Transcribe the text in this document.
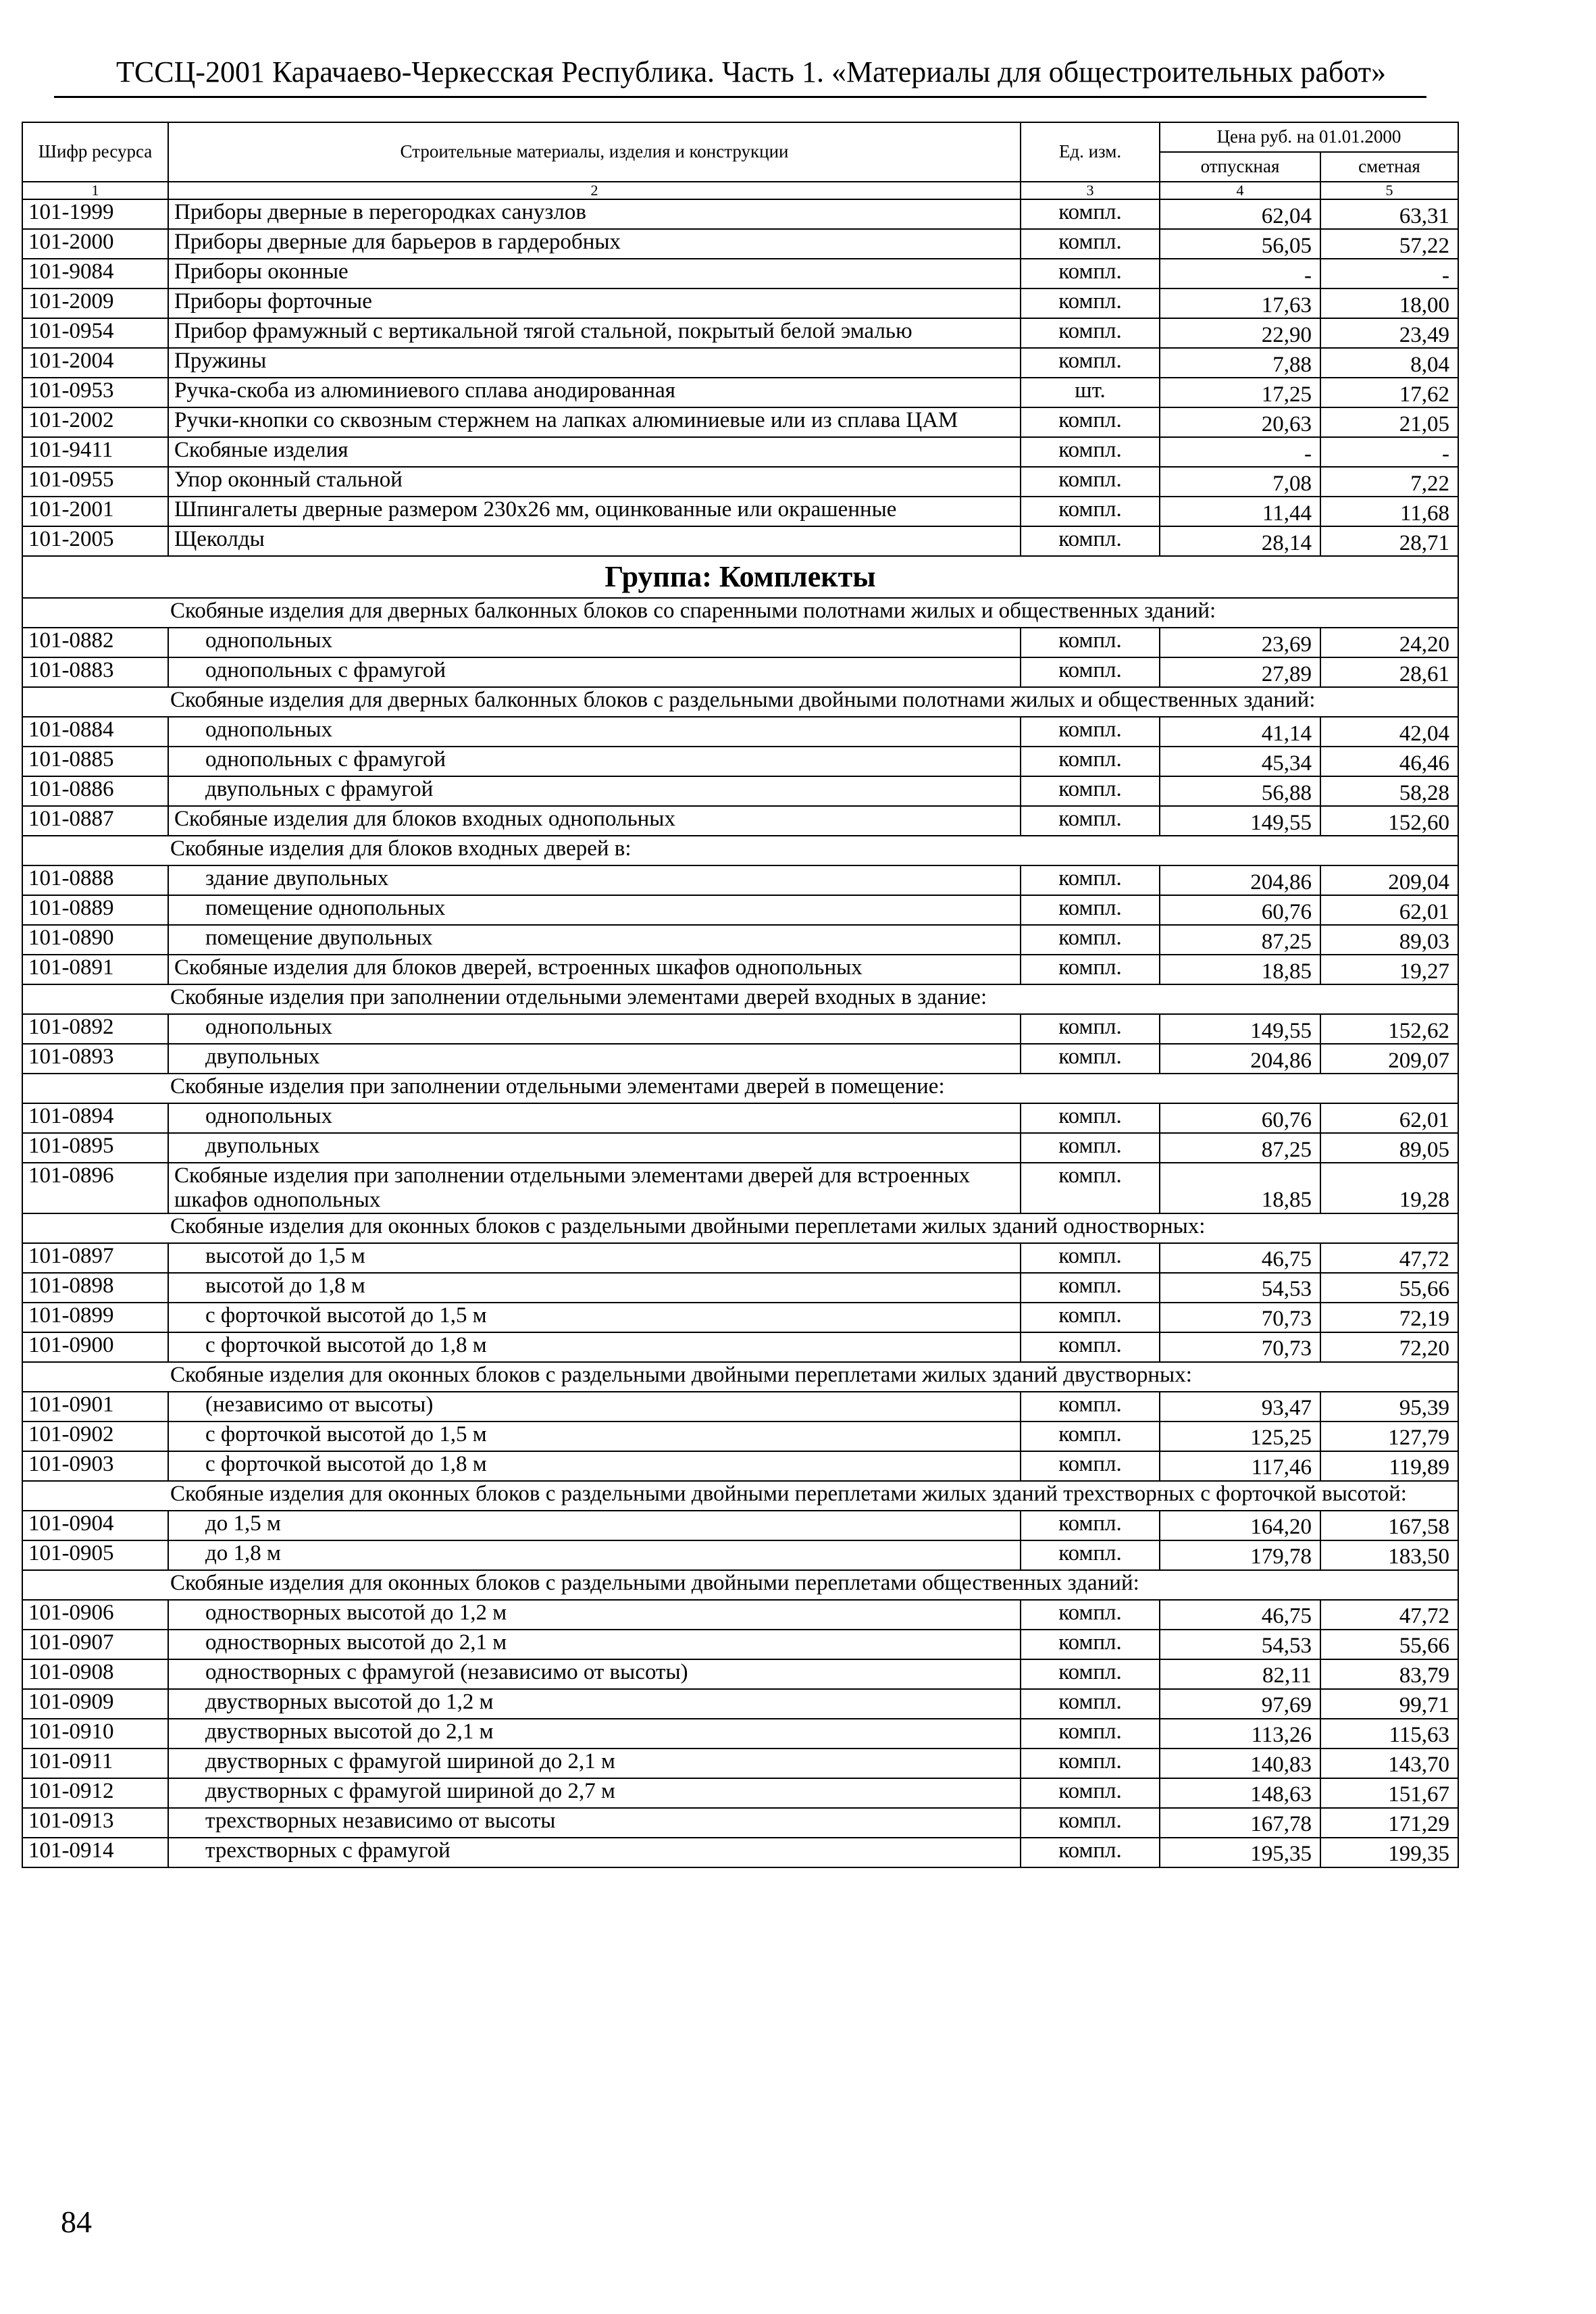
ТССЦ-2001 Карачаево-Черкесская Республика. Часть 1. «Материалы для общестроительных работ»
Шифр ресурса	Строительные материалы, изделия и конструкции	Ед. изм.	Цена руб. на 01.01.2000	
			отпускная	сметная
1	2	3	4	5
101-1999	Приборы дверные в перегородках санузлов	компл.	62,04	63,31
101-2000	Приборы дверные для барьеров в гардеробных	компл.	56,05	57,22
101-9084	Приборы оконные	компл.	-	-
101-2009	Приборы форточные	компл.	17,63	18,00
101-0954	Прибор фрамужный с вертикальной тягой стальной, покрытый белой эмалью	компл.	22,90	23,49
101-2004	Пружины	компл.	7,88	8,04
101-0953	Ручка-скоба из алюминиевого сплава анодированная	шт.	17,25	17,62
101-2002	Ручки-кнопки со сквозным стержнем на лапках алюминиевые или из сплава ЦАМ	компл.	20,63	21,05
101-9411	Скобяные изделия	компл.	-	-
101-0955	Упор оконный стальной	компл.	7,08	7,22
101-2001	Шпингалеты дверные размером 230х26 мм, оцинкованные или окрашенные	компл.	11,44	11,68
101-2005	Щеколды	компл.	28,14	28,71
Группа: Комплекты				
Скобяные изделия для дверных балконных блоков со спаренными полотнами жилых и общественных зданий:				
101-0882	однопольных	компл.	23,69	24,20
101-0883	однопольных с фрамугой	компл.	27,89	28,61
Скобяные изделия для дверных балконных блоков с раздельными двойными полотнами жилых и общественных зданий:				
101-0884	однопольных	компл.	41,14	42,04
101-0885	однопольных с фрамугой	компл.	45,34	46,46
101-0886	двупольных с фрамугой	компл.	56,88	58,28
101-0887	Скобяные изделия для блоков входных однопольных	компл.	149,55	152,60
Скобяные изделия для блоков входных дверей в:				
101-0888	здание двупольных	компл.	204,86	209,04
101-0889	помещение однопольных	компл.	60,76	62,01
101-0890	помещение двупольных	компл.	87,25	89,03
101-0891	Скобяные изделия для блоков дверей, встроенных шкафов однопольных	компл.	18,85	19,27
Скобяные изделия при заполнении отдельными элементами дверей входных в здание:				
101-0892	однопольных	компл.	149,55	152,62
101-0893	двупольных	компл.	204,86	209,07
Скобяные изделия при заполнении отдельными элементами дверей в помещение:				
101-0894	однопольных	компл.	60,76	62,01
101-0895	двупольных	компл.	87,25	89,05
101-0896	Скобяные изделия при заполнении отдельными элементами дверей для встроенных шкафов однопольных	компл.	18,85	19,28
Скобяные изделия для оконных блоков с раздельными двойными переплетами жилых зданий одностворных:				
101-0897	высотой до 1,5 м	компл.	46,75	47,72
101-0898	высотой до 1,8 м	компл.	54,53	55,66
101-0899	с форточкой высотой до 1,5 м	компл.	70,73	72,19
101-0900	с форточкой высотой до 1,8 м	компл.	70,73	72,20
Скобяные изделия для оконных блоков с раздельными двойными переплетами жилых зданий двустворных:				
101-0901	(независимо от высоты)	компл.	93,47	95,39
101-0902	с форточкой высотой до 1,5 м	компл.	125,25	127,79
101-0903	с форточкой высотой до 1,8 м	компл.	117,46	119,89
Скобяные изделия для оконных блоков с раздельными двойными переплетами жилых зданий трехстворных с форточкой высотой:				
101-0904	до 1,5 м	компл.	164,20	167,58
101-0905	до 1,8 м	компл.	179,78	183,50
Скобяные изделия для оконных блоков с раздельными двойными переплетами общественных зданий:				
101-0906	одностворных высотой до 1,2 м	компл.	46,75	47,72
101-0907	одностворных высотой до 2,1 м	компл.	54,53	55,66
101-0908	одностворных с фрамугой (независимо от высоты)	компл.	82,11	83,79
101-0909	двустворных высотой до 1,2 м	компл.	97,69	99,71
101-0910	двустворных высотой до 2,1 м	компл.	113,26	115,63
101-0911	двустворных с фрамугой шириной до 2,1 м	компл.	140,83	143,70
101-0912	двустворных с фрамугой шириной до 2,7 м	компл.	148,63	151,67
101-0913	трехстворных независимо от высоты	компл.	167,78	171,29
101-0914	трехстворных с фрамугой	компл.	195,35	199,35
84
